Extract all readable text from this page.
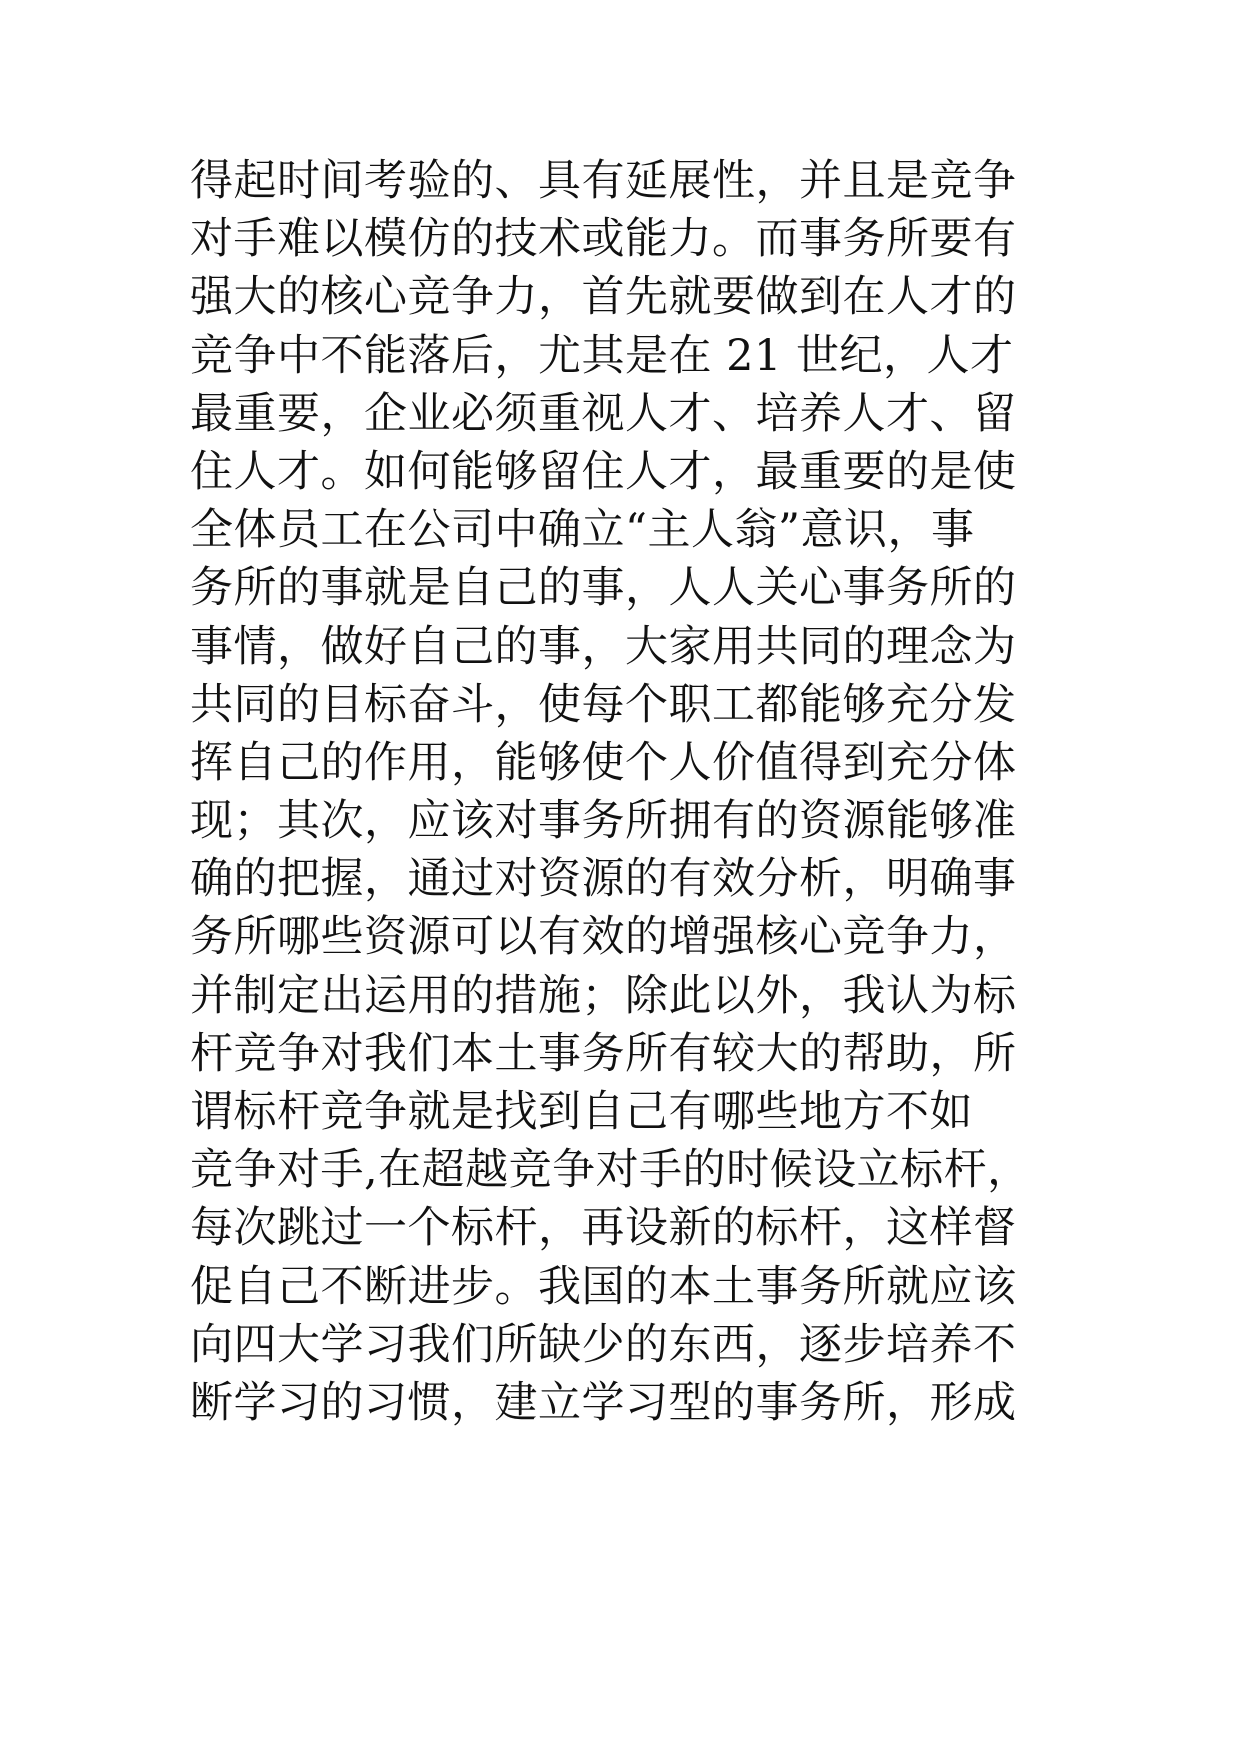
得起时间考验的、具有延展性，并且是竞争
对手难以模仿的技术或能力。而事务所要有
强大的核心竞争力，首先就要做到在人才的
竞争中不能落后，尤其是在 21 世纪，人才
最重要，企业必须重视人才、培养人才、留
住人才。如何能够留住人才，最重要的是使
全体员工在公司中确立“主人翁”意识，事
务所的事就是自己的事，人人关心事务所的
事情，做好自己的事，大家用共同的理念为
共同的目标奋斗，使每个职工都能够充分发
挥自己的作用，能够使个人价值得到充分体
现；其次，应该对事务所拥有的资源能够准
确的把握，通过对资源的有效分析，明确事
务所哪些资源可以有效的增强核心竞争力，
并制定出运用的措施；除此以外，我认为标
杆竞争对我们本土事务所有较大的帮助，所
谓标杆竞争就是找到自己有哪些地方不如
竞争对手,在超越竞争对手的时候设立标杆，
每次跳过一个标杆，再设新的标杆，这样督
促自己不断进步。我国的本土事务所就应该
向四大学习我们所缺少的东西，逐步培养不
断学习的习惯，建立学习型的事务所，形成
